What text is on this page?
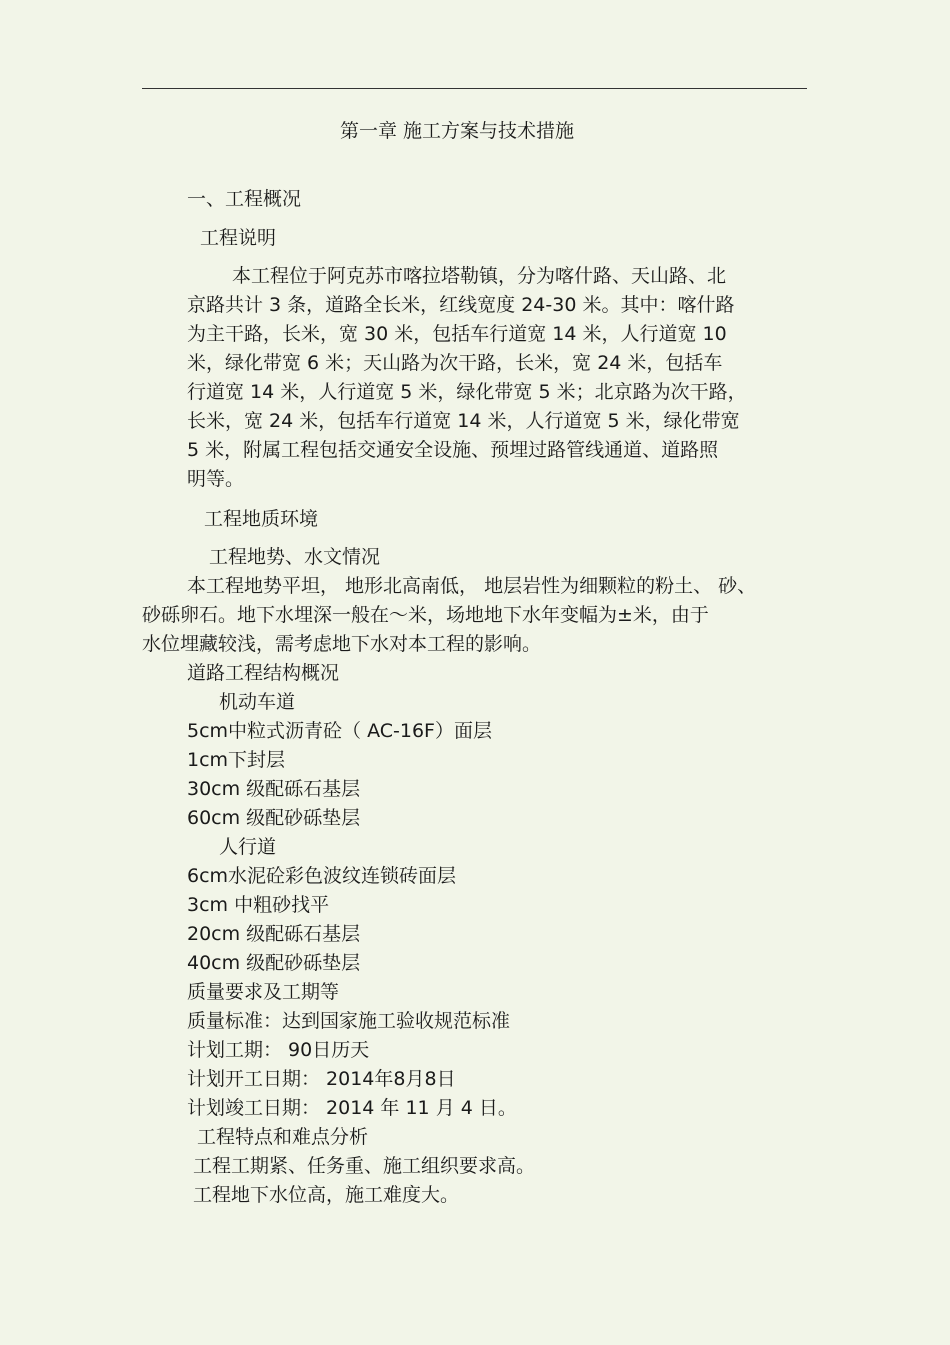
第一章 施工方案与技术措施
一、工程概况
工程说明
本工程位于阿克苏市喀拉塔勒镇，分为喀什路、天山路、北
京路共计 3 条，道路全长米，红线宽度 24-30 米。其中：喀什路
为主干路，长米，宽 30 米，包括车行道宽 14 米，人行道宽 10
米，绿化带宽 6 米；天山路为次干路，长米，宽 24 米，包括车
行道宽 14 米，人行道宽 5 米，绿化带宽 5 米；北京路为次干路，
长米，宽 24 米，包括车行道宽 14 米，人行道宽 5 米，绿化带宽
5 米，附属工程包括交通安全设施、预埋过路管线通道、道路照
明等。
工程地质环境
工程地势、水文情况
本工程地势平坦， 地形北高南低， 地层岩性为细颗粒的粉土、 砂、
砂砾卵石。地下水埋深一般在～米，场地地下水年变幅为±米，由于
水位埋藏较浅，需考虑地下水对本工程的影响。
道路工程结构概况
机动车道
5cm中粒式沥青砼（ AC-16F）面层
1cm下封层
30cm 级配砾石基层
60cm 级配砂砾垫层
人行道
6cm水泥砼彩色波纹连锁砖面层
3cm 中粗砂找平
20cm 级配砾石基层
40cm 级配砂砾垫层
质量要求及工期等
质量标准：达到国家施工验收规范标准
计划工期： 90日历天
计划开工日期： 2014年8月8日
计划竣工日期： 2014 年 11 月 4 日。
工程特点和难点分析
工程工期紧、任务重、施工组织要求高。
工程地下水位高，施工难度大。
